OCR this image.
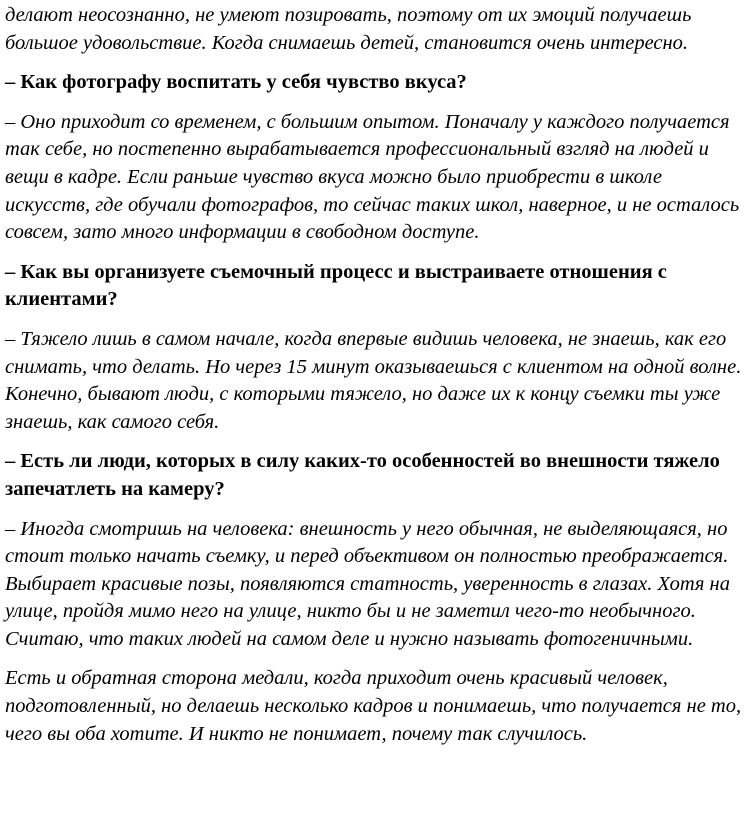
делают неосознанно, не умеют позировать, поэтому от их эмоций получаешь большое удовольствие. Когда снимаешь детей, становится очень интересно.

– Как фотографу воспитать у себя чувство вкуса?

– Оно приходит со временем, с большим опытом. Поначалу у каждого получается так себе, но постепенно вырабатывается профессиональный взгляд на людей и вещи в кадре. Если раньше чувство вкуса можно было приобрести в школе искусств, где обучали фотографов, то сейчас таких школ, наверное, и не осталось совсем, зато много информации в свободном доступе.

– Как вы организуете съемочный процесс и выстраиваете отношения с клиентами?

– Тяжело лишь в самом начале, когда впервые видишь человека, не знаешь, как его снимать, что делать. Но через 15 минут оказываешься с клиентом на одной волне. Конечно, бывают люди, с которыми тяжело, но даже их к концу съемки ты уже знаешь, как самого себя.

– Есть ли люди, которых в силу каких-то особенностей во внешности тяжело запечатлеть на камеру?

– Иногда смотришь на человека: внешность у него обычная, не выделяющаяся, но стоит только начать съемку, и перед объективом он полностью преображается. Выбирает красивые позы, появляются статность, уверенность в глазах. Хотя на улице, пройдя мимо него на улице, никто бы и не заметил чего-то необычного. Считаю, что таких людей на самом деле и нужно называть фотогеничными.

Есть и обратная сторона медали, когда приходит очень красивый человек, подготовленный, но делаешь несколько кадров и понимаешь, что получается не то, чего вы оба хотите. И никто не понимает, почему так случилось.
